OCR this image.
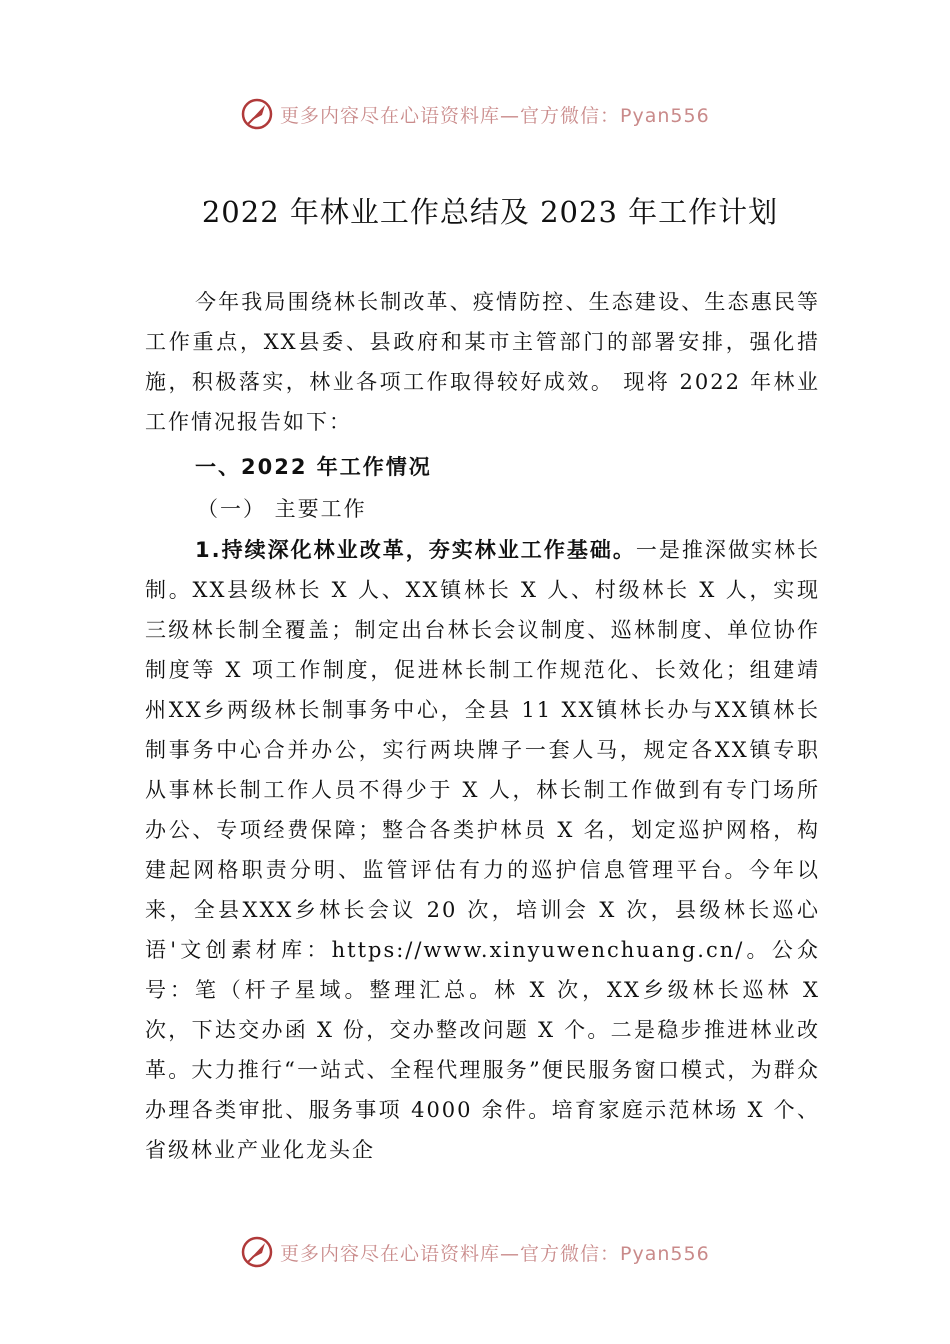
更多内容尽在心语资料库—官方微信：Pyan556
2022 年林业工作总结及 2023 年工作计划

今年我局围绕林长制改革、疫情防控、生态建设、生态惠民等工作重点，XX县委、县政府和某市主管部门的部署安排，强化措施，积极落实，林业各项工作取得较好成效。 现将 2022 年林业工作情况报告如下：

一、2022 年工作情况
（一） 主要工作

1.持续深化林业改革，夯实林业工作基础。一是推深做实林长制。XX县级林长 X 人、XX镇林长 X 人、村级林长 X 人，实现三级林长制全覆盖；制定出台林长会议制度、巡林制度、单位协作制度等 X 项工作制度，促进林长制工作规范化、长效化；组建靖州XX乡两级林长制事务中心，全县 11 XX镇林长办与XX镇林长制事务中心合并办公，实行两块牌子一套人马，规定各XX镇专职从事林长制工作人员不得少于 X 人，林长制工作做到有专门场所办公、专项经费保障；整合各类护林员 X 名，划定巡护网格，构建起网格职责分明、监管评估有力的巡护信息管理平台。今年以来，全县XXX乡林长会议 20 次，培训会 X 次，县级林长巡心语'文创素材库：https://www.xinyuwenchuang.cn/。公众号：笔（杆子星域。整理汇总。林 X 次，XX乡级林长巡林 X 次，下达交办函 X 份，交办整改问题 X 个。二是稳步推进林业改革。大力推行“一站式、全程代理服务”便民服务窗口模式，为群众办理各类审批、服务事项 4000 余件。培育家庭示范林场 X 个、省级林业产业化龙头企

更多内容尽在心语资料库—官方微信：Pyan556
